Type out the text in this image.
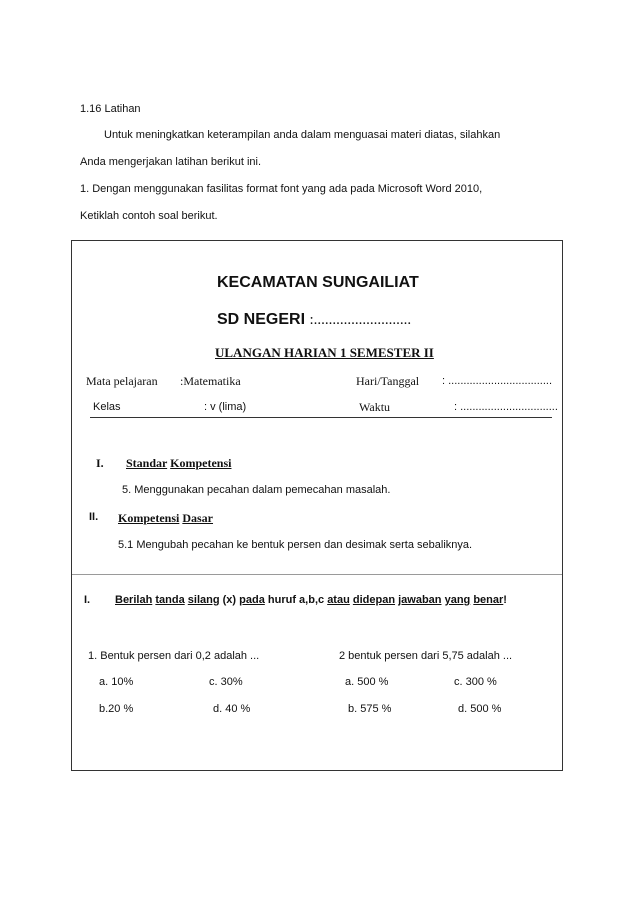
1.16 Latihan
Untuk meningkatkan keterampilan anda dalam menguasai materi diatas, silahkan
Anda mengerjakan latihan berikut ini.
1. Dengan menggunakan fasilitas format font yang ada pada Microsoft Word 2010,
Ketiklah contoh soal berikut.
KECAMATAN SUNGAILIAT
SD NEGERI :..........................
ULANGAN HARIAN 1 SEMESTER II
Mata pelajaran :Matematika	Hari/Tanggal : ..................................
Kelas	: v (lima)	Waktu	: ................................
I. Standar Kompetensi
5. Menggunakan pecahan dalam pemecahan masalah.
II. Kompetensi Dasar
5.1 Mengubah pecahan ke bentuk persen dan desimak serta sebaliknya.
I. Berilah tanda silang (x) pada huruf a,b,c atau didepan jawaban yang benar!
1. Bentuk persen dari 0,2 adalah ...
a. 10%	c. 30%
b.20 %	d. 40 %
2 bentuk persen dari 5,75 adalah ...
a. 500 %	c. 300 %
b. 575 %	d. 500 %
